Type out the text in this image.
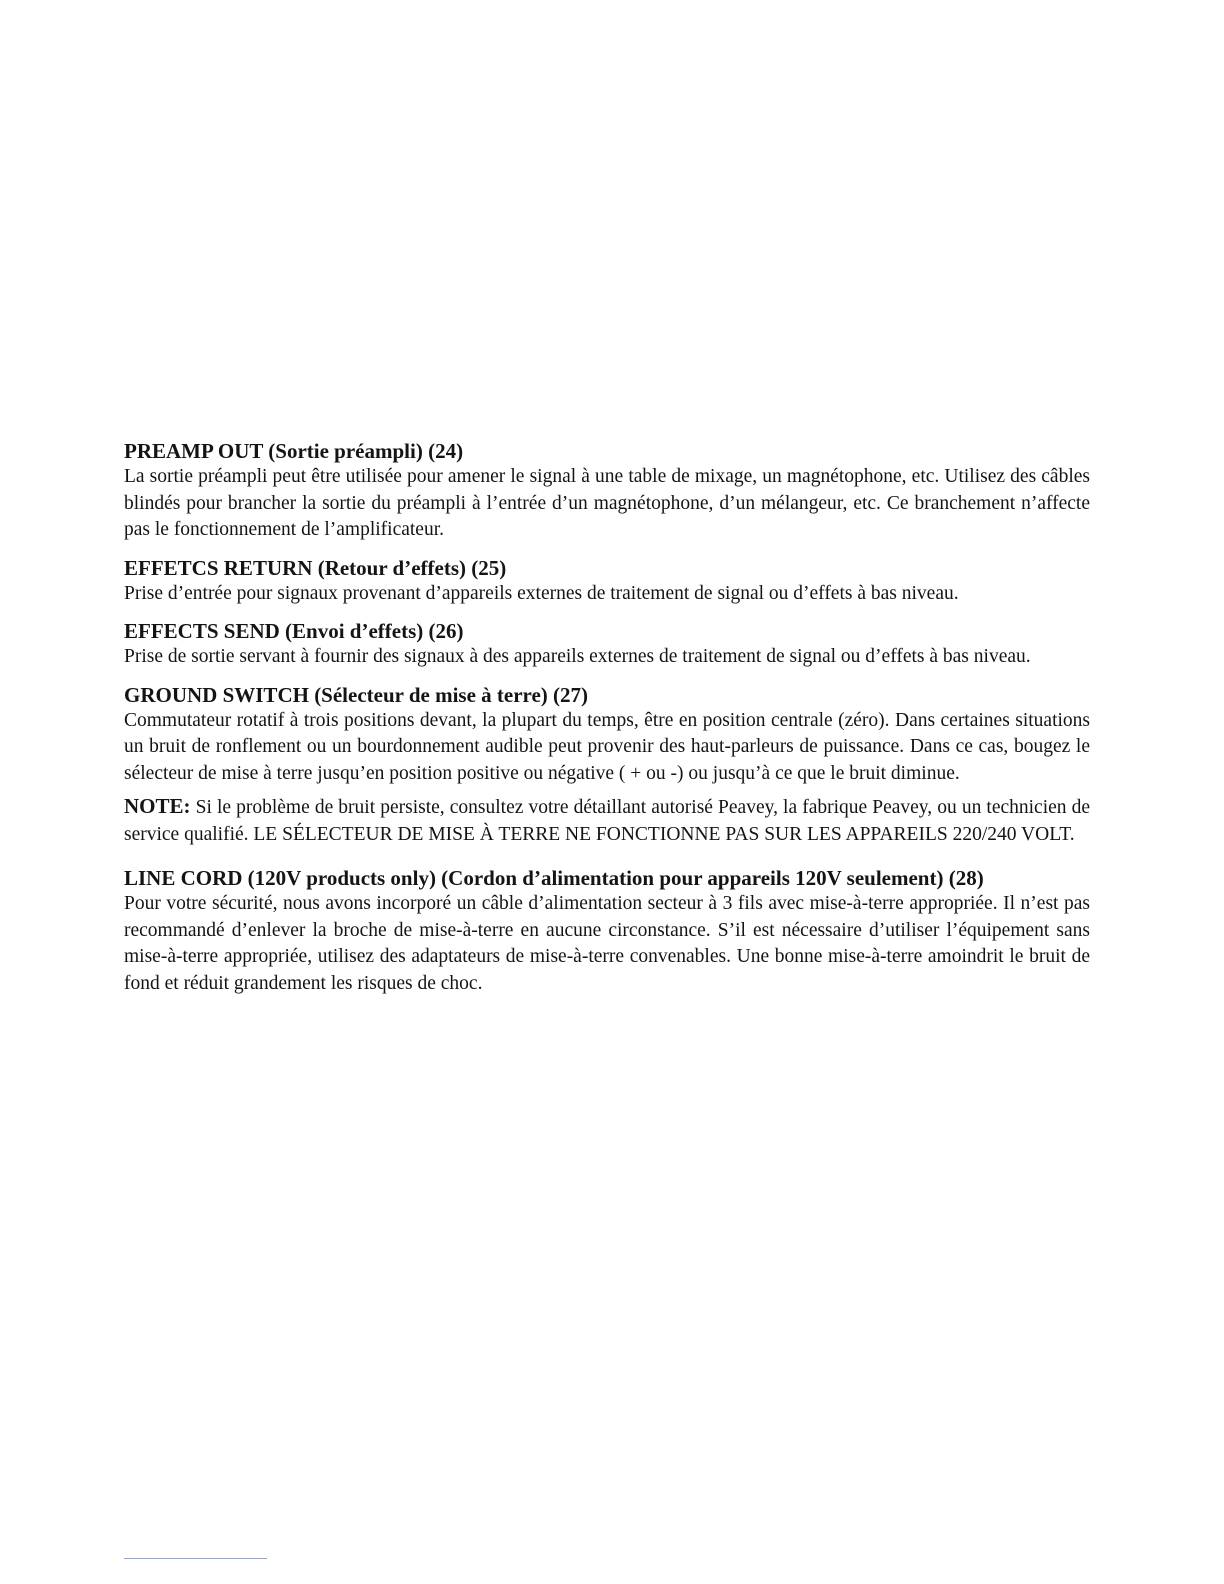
PREAMP OUT (Sortie préampli) (24)

La sortie préampli peut être utilisée pour amener le signal à une table de mixage, un magnétophone, etc. Utilisez des câbles blindés pour brancher la sortie du préampli à l’entrée d’un magnétophone, d’un mélangeur, etc. Ce branchement n’affecte pas le fonctionnement de l’amplificateur.

EFFETCS RETURN (Retour d’effets) (25)

Prise d’entrée pour signaux provenant d’appareils externes de traitement de signal ou d’effets à bas niveau.

EFFECTS SEND (Envoi d’effets) (26)

Prise de sortie servant à fournir des signaux à des appareils externes de traitement de signal ou d’effets à bas niveau.

GROUND SWITCH (Sélecteur de mise à terre) (27)

Commutateur rotatif à trois positions devant, la plupart du temps, être en position centrale (zéro). Dans certaines situations un bruit de ronflement ou un bourdonnement audible peut provenir des haut-parleurs de puissance. Dans ce cas, bougez le sélecteur de mise à terre jusqu’en position positive ou négative ( + ou -) ou jusqu’à ce que le bruit diminue.

NOTE: Si le problème de bruit persiste, consultez votre détaillant autorisé Peavey, la fabrique Peavey, ou un technicien de service qualifié. LE SÉLECTEUR DE MISE À TERRE NE FONCTIONNE PAS SUR LES APPAREILS 220/240 VOLT.

LINE CORD (120V products only) (Cordon d’alimentation pour appareils 120V seulement) (28)

Pour votre sécurité, nous avons incorporé un câble d’alimentation secteur à 3 fils avec mise-à-terre appropriée. Il n’est pas recommandé d’enlever la broche de mise-à-terre en aucune circonstance. S’il est nécessaire d’utiliser l’équipement sans mise-à-terre appropriée, utilisez des adaptateurs de mise-à-terre convenables. Une bonne mise-à-terre amoindrit le bruit de fond et réduit grandement les risques de choc.
